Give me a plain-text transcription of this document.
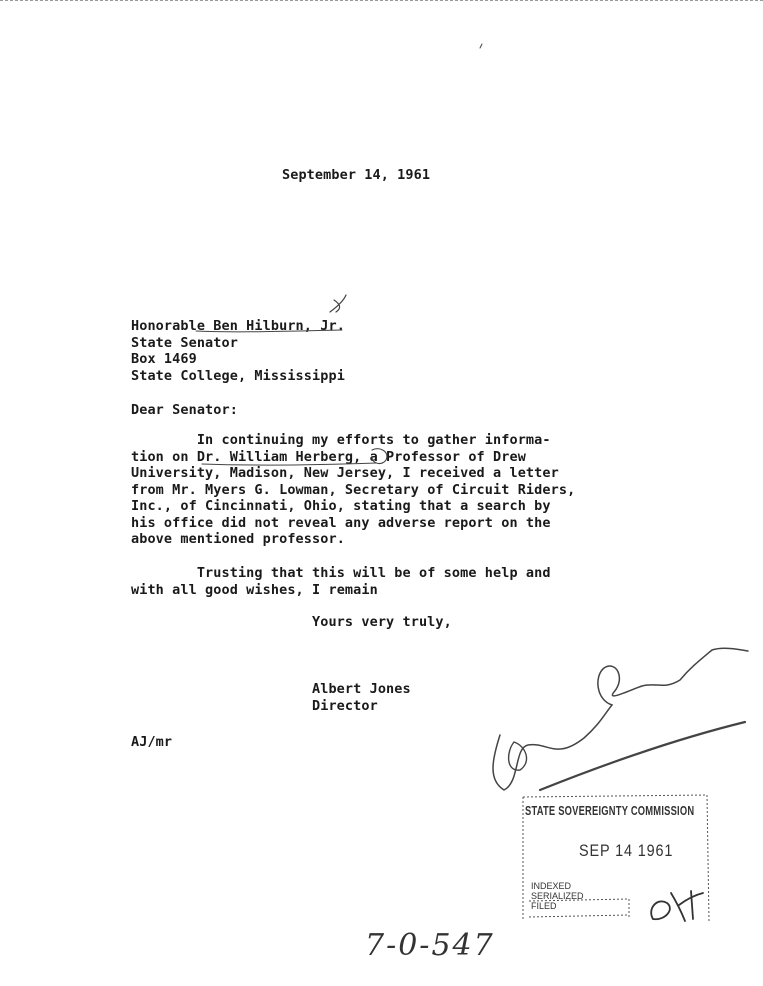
September 14, 1961
Honorable Ben Hilburn, Jr.
State Senator
Box 1469
State College, Mississippi
Dear Senator:
In continuing my efforts to gather informa-
tion on Dr. William Herberg, a Professor of Drew
University, Madison, New Jersey, I received a letter
from Mr. Myers G. Lowman, Secretary of Circuit Riders,
Inc., of Cincinnati, Ohio, stating that a search by
his office did not reveal any adverse report on the
above mentioned professor.
Trusting that this will be of some help and
with all good wishes, I remain
Yours very truly,
Albert Jones
Director
AJ/mr
STATE SOVEREIGNTY COMMISSION
SEP 14 1961
INDEXED
SERIALIZED
FILED
7-0-547
